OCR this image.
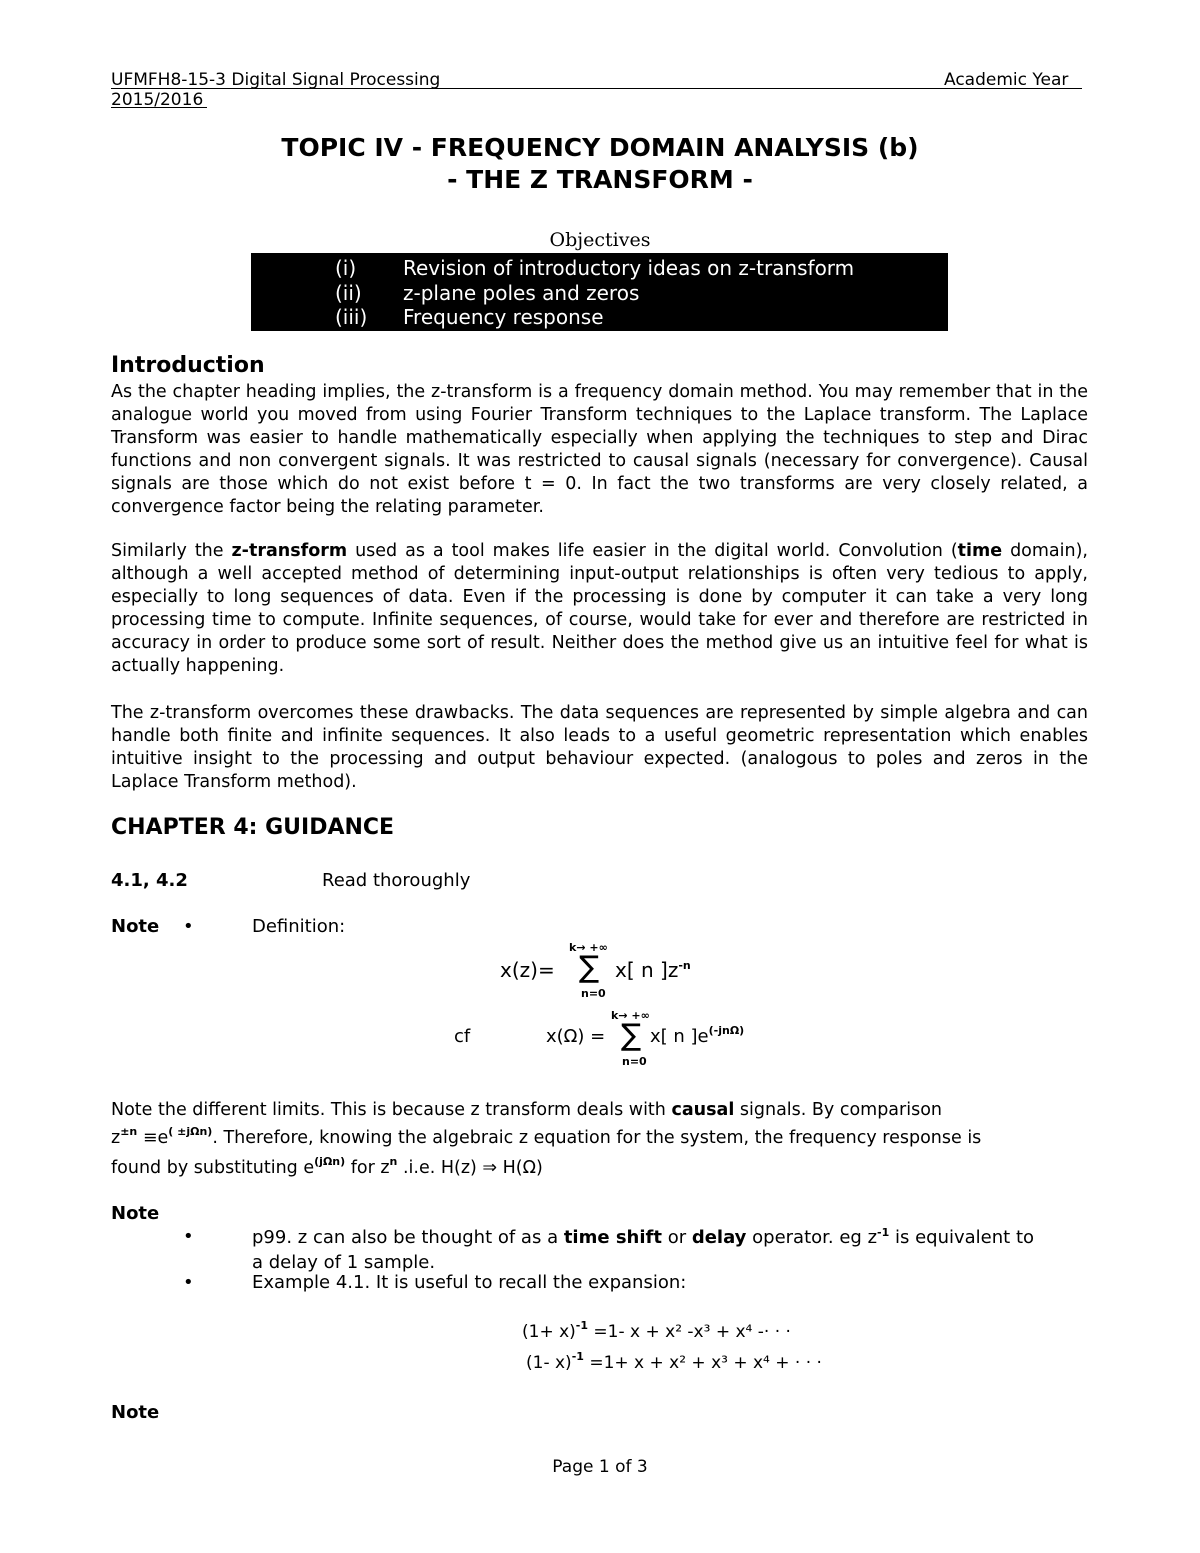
UFMFH8-15-3 Digital Signal Processing	Academic Year
2015/2016
TOPIC IV - FREQUENCY DOMAIN ANALYSIS (b)
- THE Z TRANSFORM -
Objectives
(i) Revision of introductory ideas on z-transform
(ii) z-plane poles and zeros
(iii) Frequency response
Introduction

As the chapter heading implies, the z-transform is a frequency domain method. You may remember that in the analogue world you moved from using Fourier Transform techniques to the Laplace transform. The Laplace Transform was easier to handle mathematically especially when applying the techniques to step and Dirac functions and non convergent signals. It was restricted to causal signals (necessary for convergence). Causal signals are those which do not exist before t = 0. In fact the two transforms are very closely related, a convergence factor being the relating parameter.

Similarly the z-transform used as a tool makes life easier in the digital world. Convolution (time domain), although a well accepted method of determining input-output relationships is often very tedious to apply, especially to long sequences of data. Even if the processing is done by computer it can take a very long processing time to compute. Infinite sequences, of course, would take for ever and therefore are restricted in accuracy in order to produce some sort of result. Neither does the method give us an intuitive feel for what is actually happening.

The z-transform overcomes these drawbacks. The data sequences are represented by simple algebra and can handle both finite and infinite sequences. It also leads to a useful geometric representation which enables intuitive insight to the processing and output behaviour expected. (analogous to poles and zeros in the Laplace Transform method).

CHAPTER 4: GUIDANCE
4.1, 4.2	Read thoroughly
Note •	Definition:
x(z)=
k→ +∞
∑
n=0
x[ n ]$z^{-n}$
cf	x(Ω) =
k→ +∞
∑
n=0
x[ n ]$e^{(-jn\Omega)}$

Note the different limits. This is because z transform deals with causal signals. By comparison
$z^{\pm n} \equiv e^{( \pm j\Omega n)}$. Therefore, knowing the algebraic z equation for the system, the frequency response is
found by substituting $e^{(j\Omega n)}$ for $z^n$ .i.e. H(z) ⇒ H(Ω)

Note
•	p99. z can also be thought of as a time shift or delay operator. eg $z^{-1}$ is equivalent to
a delay of 1 sample.
•	Example 4.1. It is useful to recall the expansion:
$(1+ x)^{-1} =1-$ x + x² -x³ + x⁴ -· · ·
(1- x)$^{-1}$ =1+ x + x² + x³ + x⁴ + · · ·
Note
Page 1 of 3
